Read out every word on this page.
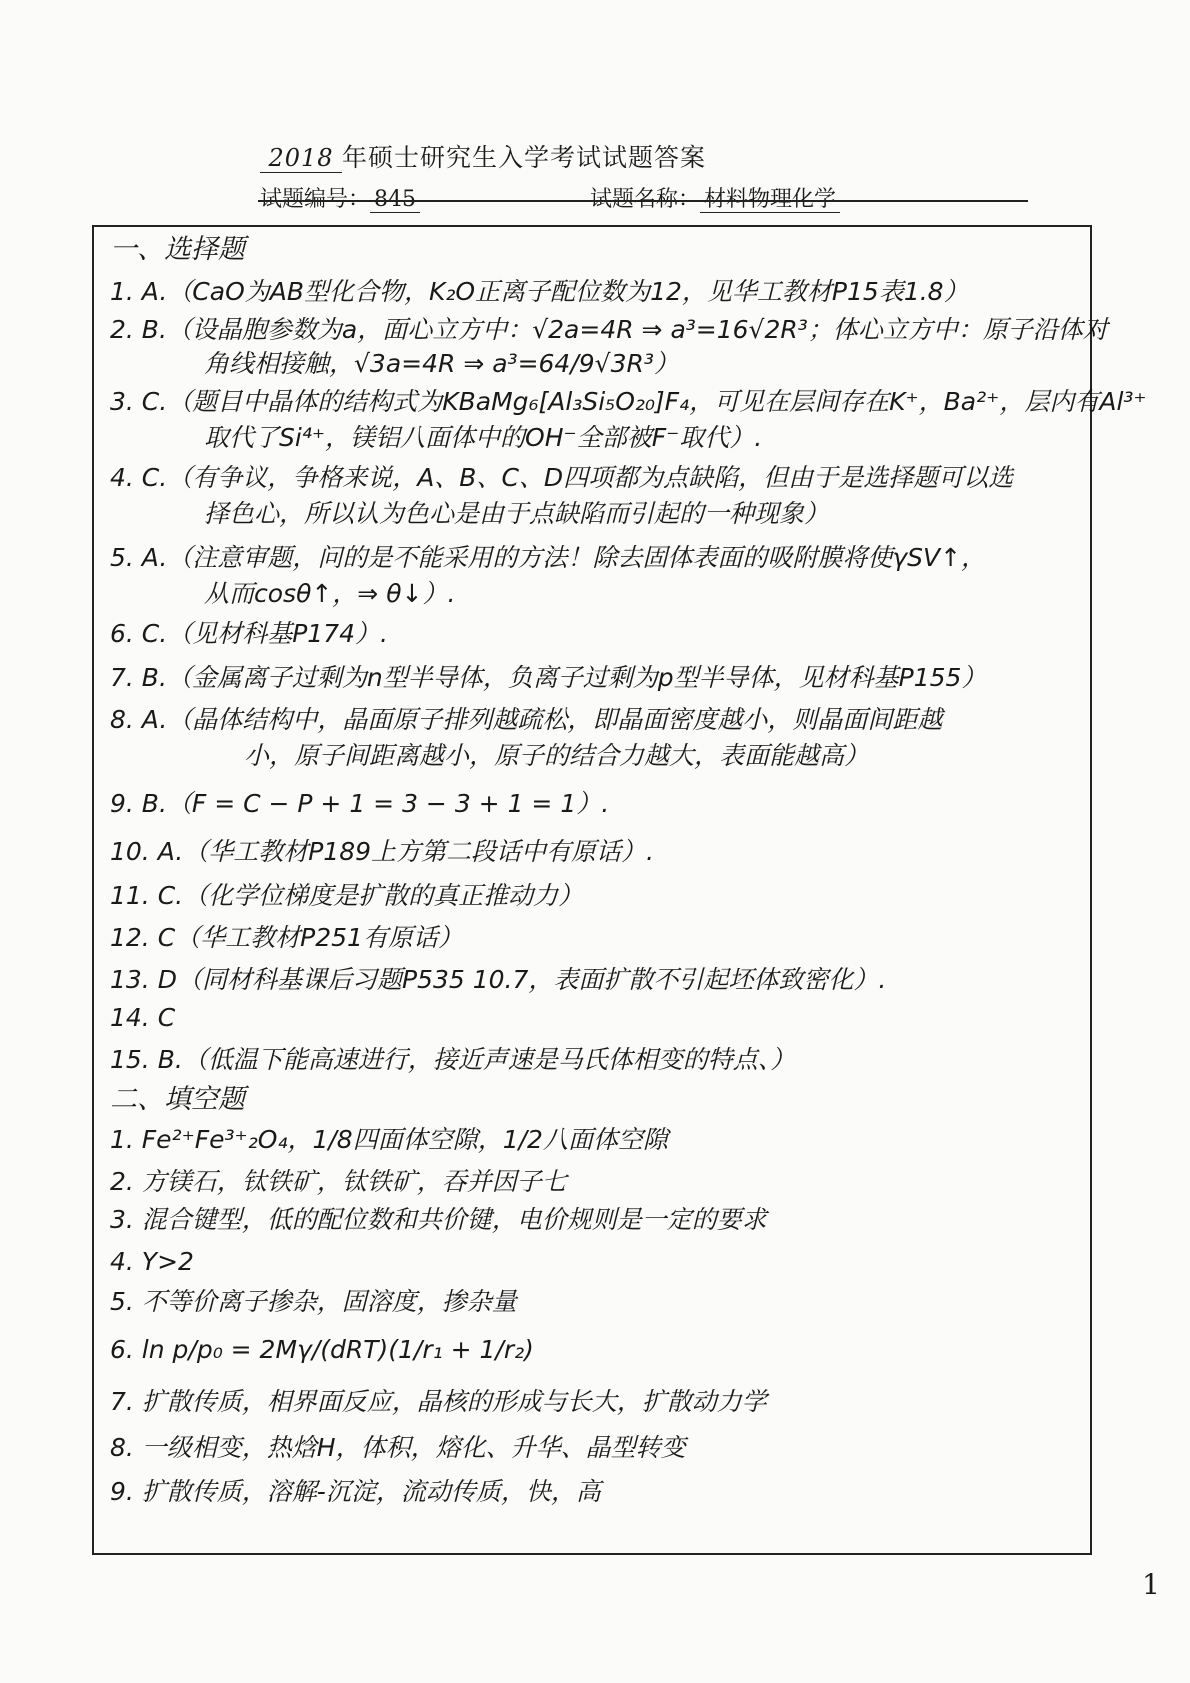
2018 年硕士研究生入学考试试题答案
试题编号： 845	试题名称： 材料物理化学
一、选择题
1. A.（CaO为AB型化合物，K₂O正离子配位数为12，见华工教材P15表1.8）
2. B.（设晶胞参数为a，面心立方中：√2a=4R ⇒ a³=16√2R³；体心立方中：原子沿体对
角线相接触，√3a=4R ⇒ a³=64/9√3R³）
3. C.（题目中晶体的结构式为KBaMg₆[Al₃Si₅O₂₀]F₄，可见在层间存在K⁺，Ba²⁺，层内有Al³⁺
取代了Si⁴⁺，镁铝八面体中的OH⁻全部被F⁻取代）.
4. C.（有争议，争格来说，A、B、C、D四项都为点缺陷，但由于是选择题可以选
择色心，所以认为色心是由于点缺陷而引起的一种现象）
5. A.（注意审题，问的是不能采用的方法！除去固体表面的吸附膜将使γSV↑，
从而cosθ↑，⇒ θ↓）.
6. C.（见材科基P174）.
7. B.（金属离子过剩为n型半导体，负离子过剩为p型半导体，见材科基P155）
8. A.（晶体结构中，晶面原子排列越疏松，即晶面密度越小，则晶面间距越
小，原子间距离越小，原子的结合力越大，表面能越高）
9. B.（F = C − P + 1 = 3 − 3 + 1 = 1）.
10. A.（华工教材P189上方第二段话中有原话）.
11. C.（化学位梯度是扩散的真正推动力）
12. C（华工教材P251有原话）
13. D（同材科基课后习题P535 10.7，表面扩散不引起坯体致密化）.
14. C
15. B.（低温下能高速进行，接近声速是马氏体相变的特点、）
二、填空题
1. Fe²⁺Fe³⁺₂O₄，1/8四面体空隙，1/2八面体空隙
2. 方镁石，钛铁矿，钛铁矿，吞并因子七
3. 混合键型，低的配位数和共价键，电价规则是一定的要求
4. Y>2
5. 不等价离子掺杂，固溶度，掺杂量
6. ln p/p₀ = 2Mγ/(dRT)(1/r₁ + 1/r₂)
7. 扩散传质，相界面反应，晶核的形成与长大，扩散动力学
8. 一级相变，热焓H，体积，熔化、升华、晶型转变
9. 扩散传质，溶解-沉淀，流动传质，快，高
1
